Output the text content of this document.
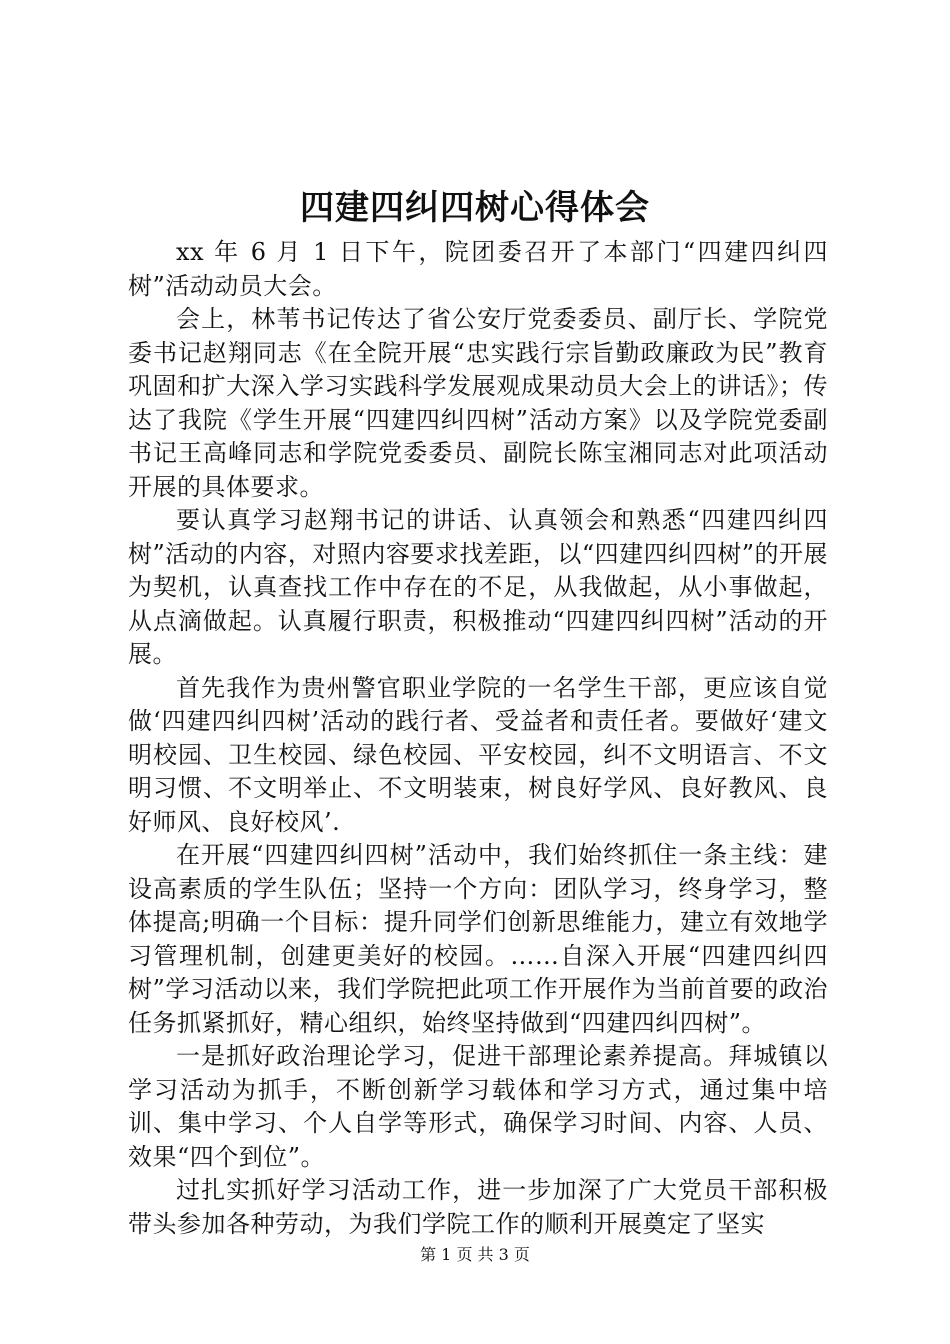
四建四纠四树心得体会

xx 年 6 月 1 日下午，院团委召开了本部门“四建四纠四树”活动动员大会。

会上，林苇书记传达了省公安厅党委委员、副厅长、学院党委书记赵翔同志《在全院开展“忠实践行宗旨勤政廉政为民”教育巩固和扩大深入学习实践科学发展观成果动员大会上的讲话》；传达了我院《学生开展“四建四纠四树”活动方案》以及学院党委副书记王高峰同志和学院党委委员、副院长陈宝湘同志对此项活动开展的具体要求。

要认真学习赵翔书记的讲话、认真领会和熟悉“四建四纠四树”活动的内容，对照内容要求找差距，以“四建四纠四树”的开展为契机，认真查找工作中存在的不足，从我做起，从小事做起，从点滴做起。认真履行职责，积极推动“四建四纠四树”活动的开展。

首先我作为贵州警官职业学院的一名学生干部，更应该自觉做‘四建四纠四树’活动的践行者、受益者和责任者。要做好‘建文明校园、卫生校园、绿色校园、平安校园，纠不文明语言、不文明习惯、不文明举止、不文明装束，树良好学风、良好教风、良好师风、良好校风’.

在开展“四建四纠四树”活动中，我们始终抓住一条主线：建设高素质的学生队伍；坚持一个方向：团队学习，终身学习，整体提高;明确一个目标：提升同学们创新思维能力，建立有效地学习管理机制，创建更美好的校园。……自深入开展“四建四纠四树”学习活动以来，我们学院把此项工作开展作为当前首要的政治任务抓紧抓好，精心组织，始终坚持做到“四建四纠四树”。

一是抓好政治理论学习，促进干部理论素养提高。拜城镇以学习活动为抓手，不断创新学习载体和学习方式，通过集中培训、集中学习、个人自学等形式，确保学习时间、内容、人员、效果“四个到位”。

过扎实抓好学习活动工作，进一步加深了广大党员干部积极带头参加各种劳动，为我们学院工作的顺利开展奠定了坚实

第 1 页 共 3 页
